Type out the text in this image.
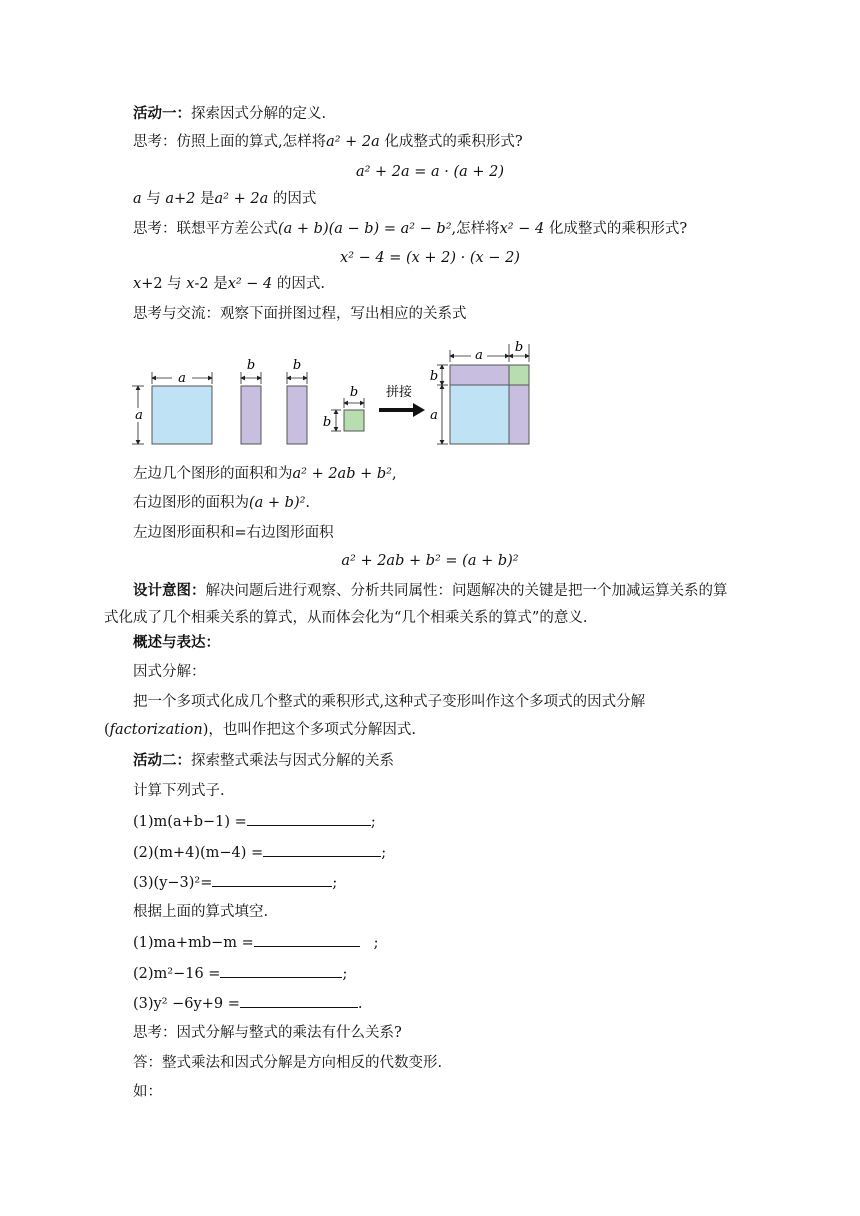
活动一：探索因式分解的定义.
思考：仿照上面的算式,怎样将a² + 2a 化成整式的乘积形式?
a² + 2a = a · (a + 2)
a 与 a+2 是a² + 2a 的因式
思考：联想平方差公式(a + b)(a − b) = a² − b²,怎样将x² − 4 化成整式的乘积形式?
x² − 4 = (x + 2) · (x − 2)
x+2 与 x-2 是x² − 4 的因式.
思考与交流：观察下面拼图过程，写出相应的关系式
a
a
b	b
b
b
拼接
a
b
b
a
左边几个图形的面积和为a² + 2ab + b²,
右边图形的面积为(a + b)².
左边图形面积和=右边图形面积
a² + 2ab + b² = (a + b)²
设计意图：解决问题后进行观察、分析共同属性：问题解决的关键是把一个加减运算关系的算
式化成了几个相乘关系的算式，从而体会化为“几个相乘关系的算式”的意义.
概述与表达：
因式分解：
把一个多项式化成几个整式的乘积形式,这种式子变形叫作这个多项式的因式分解
(factorization)，也叫作把这个多项式分解因式.
活动二：探索整式乘法与因式分解的关系
计算下列式子.
(1)m(a+b−1) =	;
(2)(m+4)(m−4) =	;
(3)(y−3)²=	;
根据上面的算式填空.
(1)ma+mb−m =	;
(2)m²−16 =	;
(3)y² −6y+9 =	.
思考：因式分解与整式的乘法有什么关系?
答：整式乘法和因式分解是方向相反的代数变形.
如：
